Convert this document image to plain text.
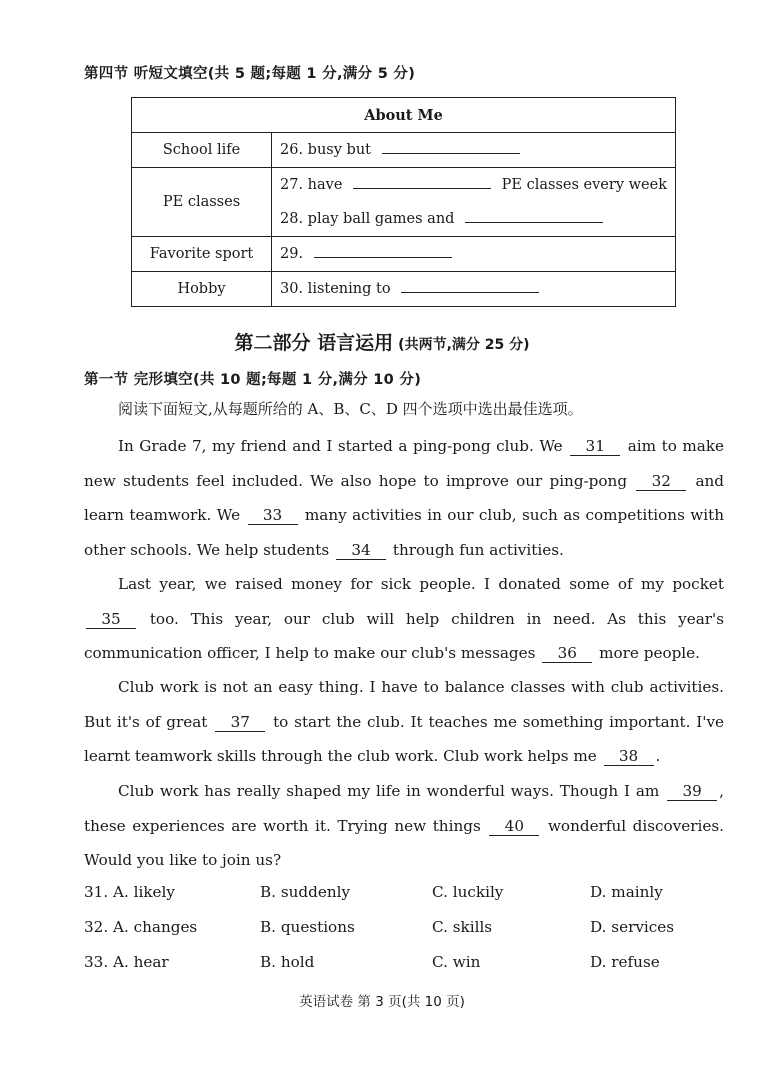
第四节 听短文填空(共 5 题;每题 1 分,满分 5 分)
About Me	
School life	26. busy but

PE classes	27. have PE classes every week
28. play ball games and

Favorite sport	29.

Hobby	30. listening to
第二部分 语言运用 (共两节,满分 25 分)
第一节 完形填空(共 10 题;每题 1 分,满分 10 分)
阅读下面短文,从每题所给的 A、B、C、D 四个选项中选出最佳选项。

In Grade 7, my friend and I started a ping-pong club. We 31 aim to make new students feel included. We also hope to improve our ping-pong 32 and learn teamwork. We 33 many activities in our club, such as competitions with other schools. We help students 34 through fun activities.

Last year, we raised money for sick people. I donated some of my pocket 35 too. This year, our club will help children in need. As this year's communication officer, I help to make our club's messages 36 more people.

Club work is not an easy thing. I have to balance classes with club activities. But it's of great 37 to start the club. It teaches me something important. I've learnt teamwork skills through the club work. Club work helps me 38 .

Club work has really shaped my life in wonderful ways. Though I am 39 , these experiences are worth it. Trying new things 40 wonderful discoveries. Would you like to join us?

31. A. likely	B. suddenly	C. luckily	D. mainly
32. A. changes	B. questions	C. skills	D. services
33. A. hear	B. hold	C. win	D. refuse
英语试卷 第 3 页(共 10 页)
